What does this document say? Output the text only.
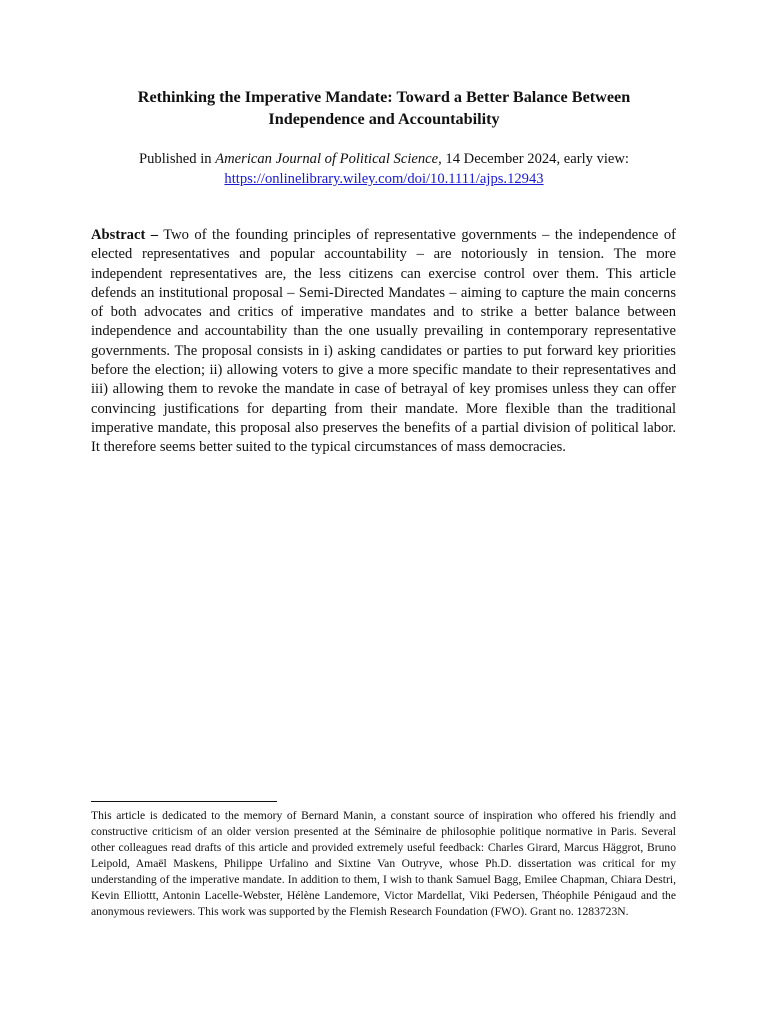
Rethinking the Imperative Mandate: Toward a Better Balance Between Independence and Accountability
Published in American Journal of Political Science, 14 December 2024, early view:
https://onlinelibrary.wiley.com/doi/10.1111/ajps.12943
Abstract – Two of the founding principles of representative governments – the independence of elected representatives and popular accountability – are notoriously in tension. The more independent representatives are, the less citizens can exercise control over them. This article defends an institutional proposal – Semi-Directed Mandates – aiming to capture the main concerns of both advocates and critics of imperative mandates and to strike a better balance between independence and accountability than the one usually prevailing in contemporary representative governments. The proposal consists in i) asking candidates or parties to put forward key priorities before the election; ii) allowing voters to give a more specific mandate to their representatives and iii) allowing them to revoke the mandate in case of betrayal of key promises unless they can offer convincing justifications for departing from their mandate. More flexible than the traditional imperative mandate, this proposal also preserves the benefits of a partial division of political labor. It therefore seems better suited to the typical circumstances of mass democracies.
This article is dedicated to the memory of Bernard Manin, a constant source of inspiration who offered his friendly and constructive criticism of an older version presented at the Séminaire de philosophie politique normative in Paris. Several other colleagues read drafts of this article and provided extremely useful feedback: Charles Girard, Marcus Häggrot, Bruno Leipold, Amaël Maskens, Philippe Urfalino and Sixtine Van Outryve, whose Ph.D. dissertation was critical for my understanding of the imperative mandate. In addition to them, I wish to thank Samuel Bagg, Emilee Chapman, Chiara Destri, Kevin Elliottt, Antonin Lacelle-Webster, Hélène Landemore, Victor Mardellat, Viki Pedersen, Théophile Pénigaud and the anonymous reviewers. This work was supported by the Flemish Research Foundation (FWO). Grant no. 1283723N.
